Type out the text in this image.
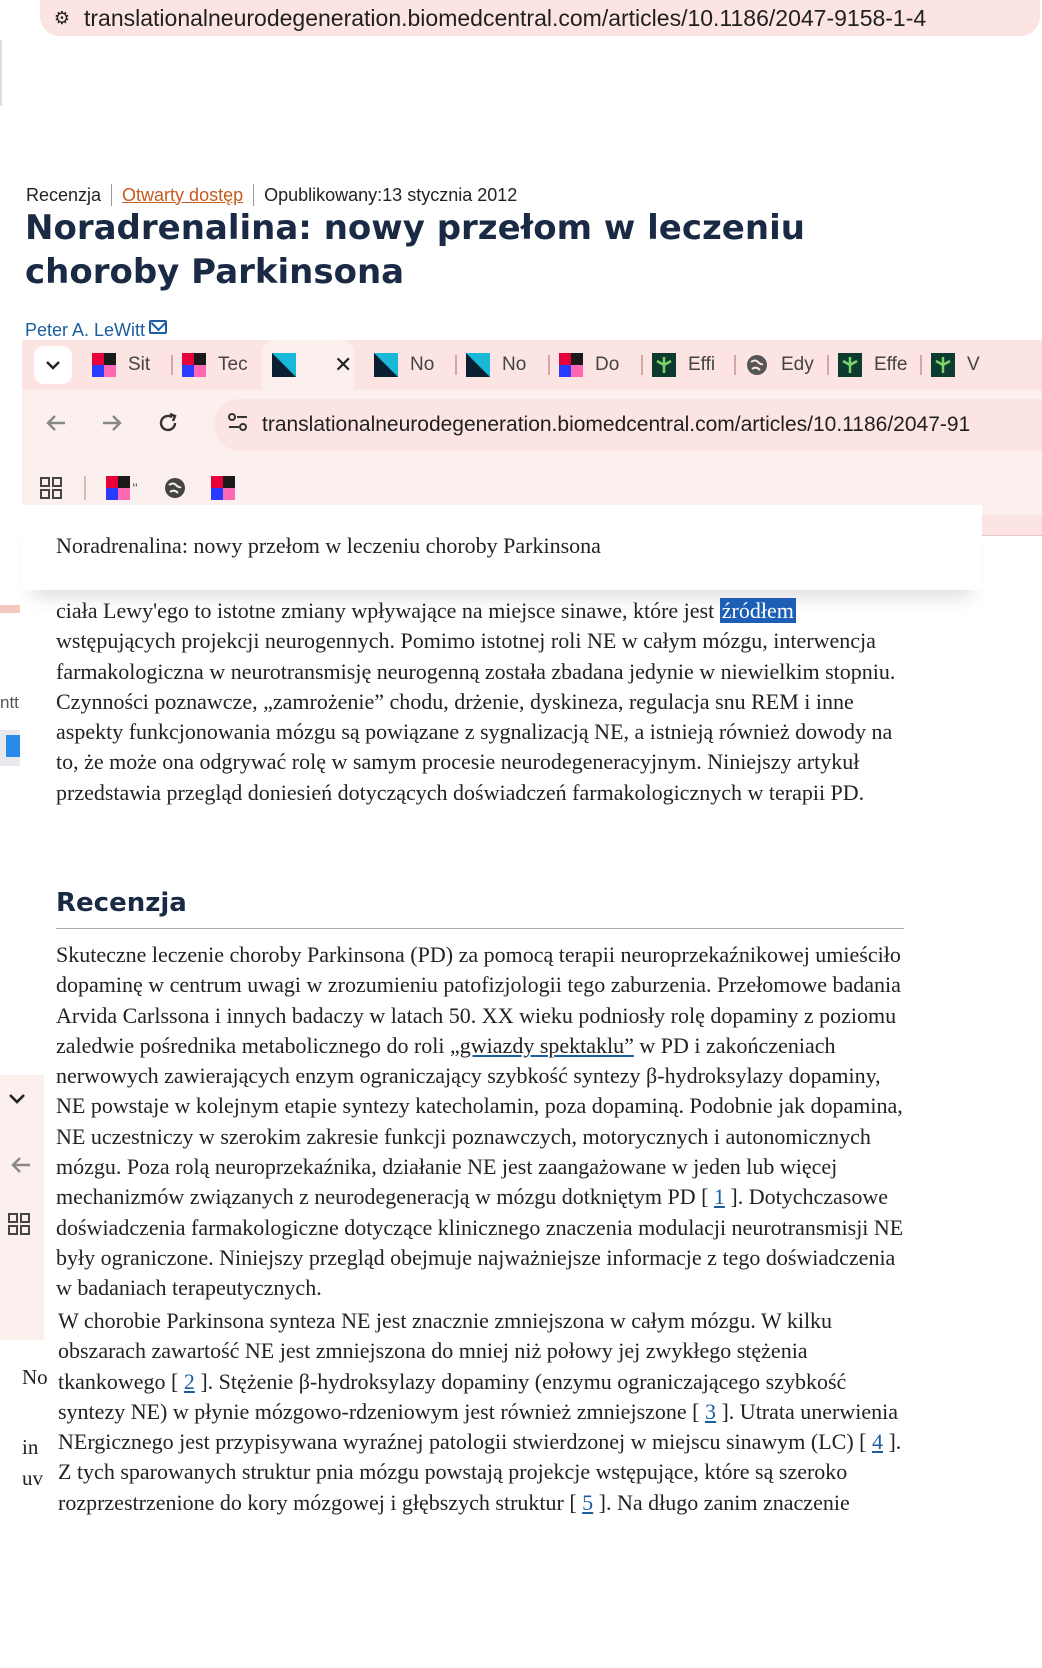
⚙ translationalneurodegeneration.biomedcentral.com/articles/10.1186/2047-9158-1-4
Recenzja Otwarty dostęp Opublikowany:13 stycznia 2012
Noradrenalina: nowy przełom w leczeniu choroby Parkinsona
Peter A. LeWitt
Sit	Tec	✕	No	No	Do	Effi	Edy	Effe	V
translationalneurodegeneration.biomedcentral.com/articles/10.1186/2047-91
''
Noradrenalina: nowy przełom w leczeniu choroby Parkinsona
ntt
No
in
uv

ciała Lewy'ego to istotne zmiany wpływające na miejsce sinawe, które jest źródłem wstępujących projekcji neurogennych. Pomimo istotnej roli NE w całym mózgu, interwencja farmakologiczna w neurotransmisję neurogenną została zbadana jedynie w niewielkim stopniu. Czynności poznawcze, „zamrożenie” chodu, drżenie, dyskineza, regulacja snu REM i inne aspekty funkcjonowania mózgu są powiązane z sygnalizacją NE, a istnieją również dowody na to, że może ona odgrywać rolę w samym procesie neurodegeneracyjnym. Niniejszy artykuł przedstawia przegląd doniesień dotyczących doświadczeń farmakologicznych w terapii PD.

Recenzja

Skuteczne leczenie choroby Parkinsona (PD) za pomocą terapii neuroprzekaźnikowej umieściło dopaminę w centrum uwagi w zrozumieniu patofizjologii tego zaburzenia. Przełomowe badania Arvida Carlssona i innych badaczy w latach 50. XX wieku podniosły rolę dopaminy z poziomu zaledwie pośrednika metabolicznego do roli „gwiazdy spektaklu” w PD i zakończeniach nerwowych zawierających enzym ograniczający szybkość syntezy β-hydroksylazy dopaminy, NE powstaje w kolejnym etapie syntezy katecholamin, poza dopaminą. Podobnie jak dopamina, NE uczestniczy w szerokim zakresie funkcji poznawczych, motorycznych i autonomicznych mózgu. Poza rolą neuroprzekaźnika, działanie NE jest zaangażowane w jeden lub więcej mechanizmów związanych z neurodegeneracją w mózgu dotkniętym PD [ 1 ]. Dotychczasowe doświadczenia farmakologiczne dotyczące klinicznego znaczenia modulacji neurotransmisji NE były ograniczone. Niniejszy przegląd obejmuje najważniejsze informacje z tego doświadczenia w badaniach terapeutycznych.

W chorobie Parkinsona synteza NE jest znacznie zmniejszona w całym mózgu. W kilku obszarach zawartość NE jest zmniejszona do mniej niż połowy jej zwykłego stężenia tkankowego [ 2 ]. Stężenie β-hydroksylazy dopaminy (enzymu ograniczającego szybkość syntezy NE) w płynie mózgowo-rdzeniowym jest również zmniejszone [ 3 ]. Utrata unerwienia NErgicznego jest przypisywana wyraźnej patologii stwierdzonej w miejscu sinawym (LC) [ 4 ]. Z tych sparowanych struktur pnia mózgu powstają projekcje wstępujące, które są szeroko rozprzestrzenione do kory mózgowej i głębszych struktur [ 5 ]. Na długo zanim znaczenie
